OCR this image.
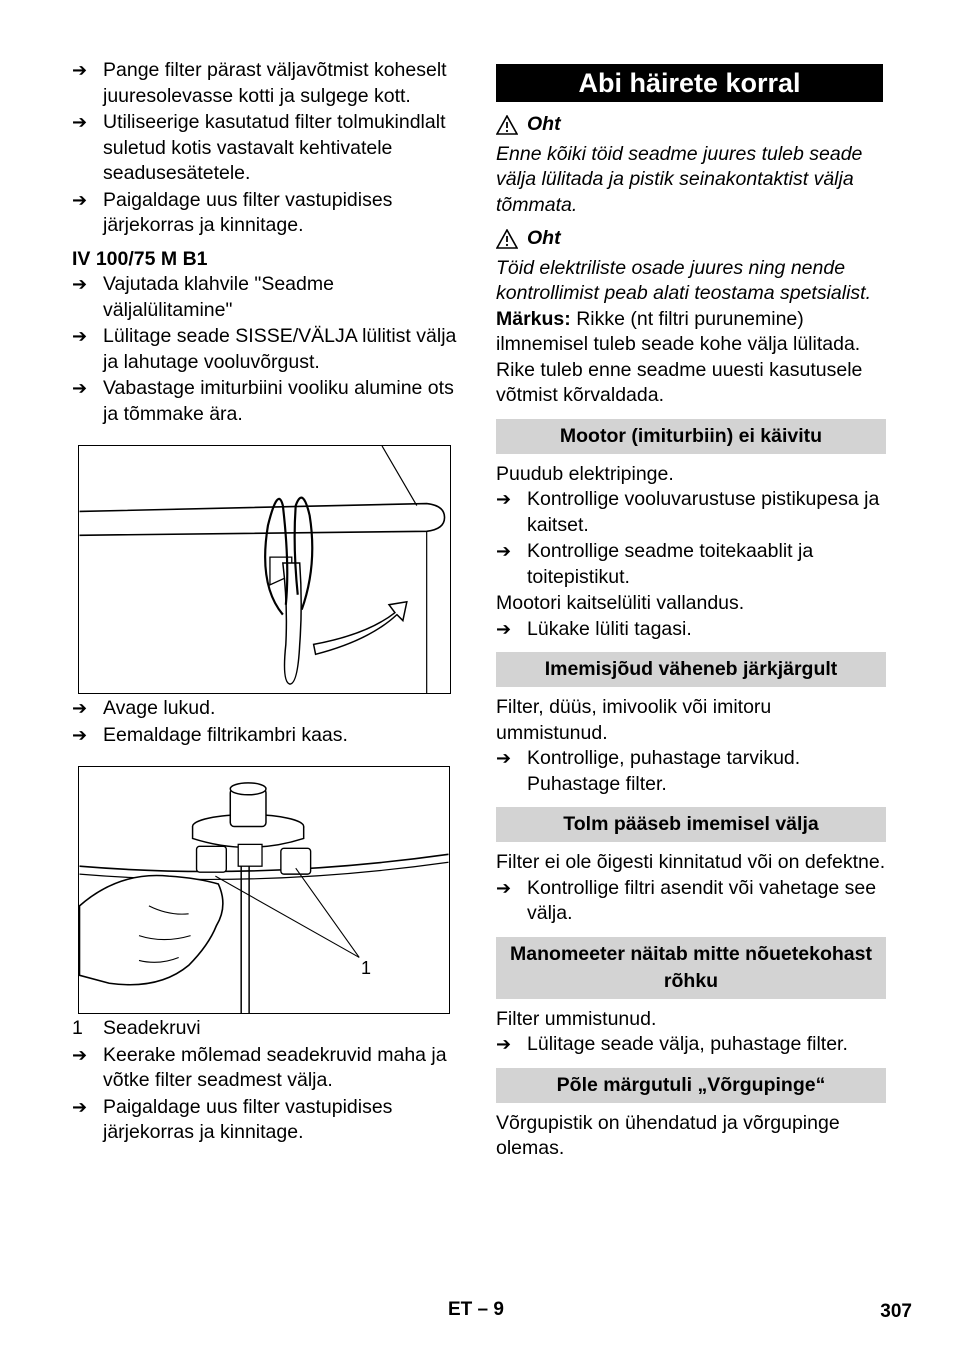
➔ Pange filter pärast väljavõtmist koheselt juuresolevasse kotti ja sulgege kott.
➔ Utiliseerige kasutatud filter tolmukindlalt suletud kotis vastavalt kehtivatele seadusesätetele.
➔ Paigaldage uus filter vastupidises järjekorras ja kinnitage.
IV 100/75 M B1
➔ Vajutada klahvile "Seadme väljalülitamine"
➔ Lülitage seade SISSE/VÄLJA lülitist välja ja lahutage vooluvõrgust.
➔ Vabastage imiturbiini vooliku alumine ots ja tõmmake ära.
➔ Avage lukud.
➔ Eemaldage filtrikambri kaas.
1
1	Seadekruvi
➔ Keerake mõlemad seadekruvid maha ja võtke filter seadmest välja.
➔ Paigaldage uus filter vastupidises järjekorras ja kinnitage.
Abi häirete korral
Oht

Enne kõiki töid seadme juures tuleb seade välja lülitada ja pistik seinakontaktist välja tõmmata.

Oht

Töid elektriliste osade juures ning nende kontrollimist peab alati teostama spetsialist.

Märkus: Rikke (nt filtri purunemine) ilmnemisel tuleb seade kohe välja lülitada. Rike tuleb enne seadme uuesti kasutusele võtmist kõrvaldada.

Mootor (imiturbiin) ei käivitu

Puudub elektripinge.

➔ Kontrollige vooluvarustuse pistikupesa ja kaitset.
➔ Kontrollige seadme toitekaablit ja toitepistikut.

Mootori kaitselüliti vallandus.

➔ Lükake lüliti tagasi.
Imemisjõud väheneb järkjärgult

Filter, düüs, imivoolik või imitoru ummistunud.

➔ Kontrollige, puhastage tarvikud. Puhastage filter.
Tolm pääseb imemisel välja

Filter ei ole õigesti kinnitatud või on defektne.

➔ Kontrollige filtri asendit või vahetage see välja.
Manomeeter näitab mitte nõuetekohast rõhku

Filter ummistunud.

➔ Lülitage seade välja, puhastage filter.
Põle märgutuli „Võrgupinge“

Võrgupistik on ühendatud ja võrgupinge olemas.

ET – 9	307
